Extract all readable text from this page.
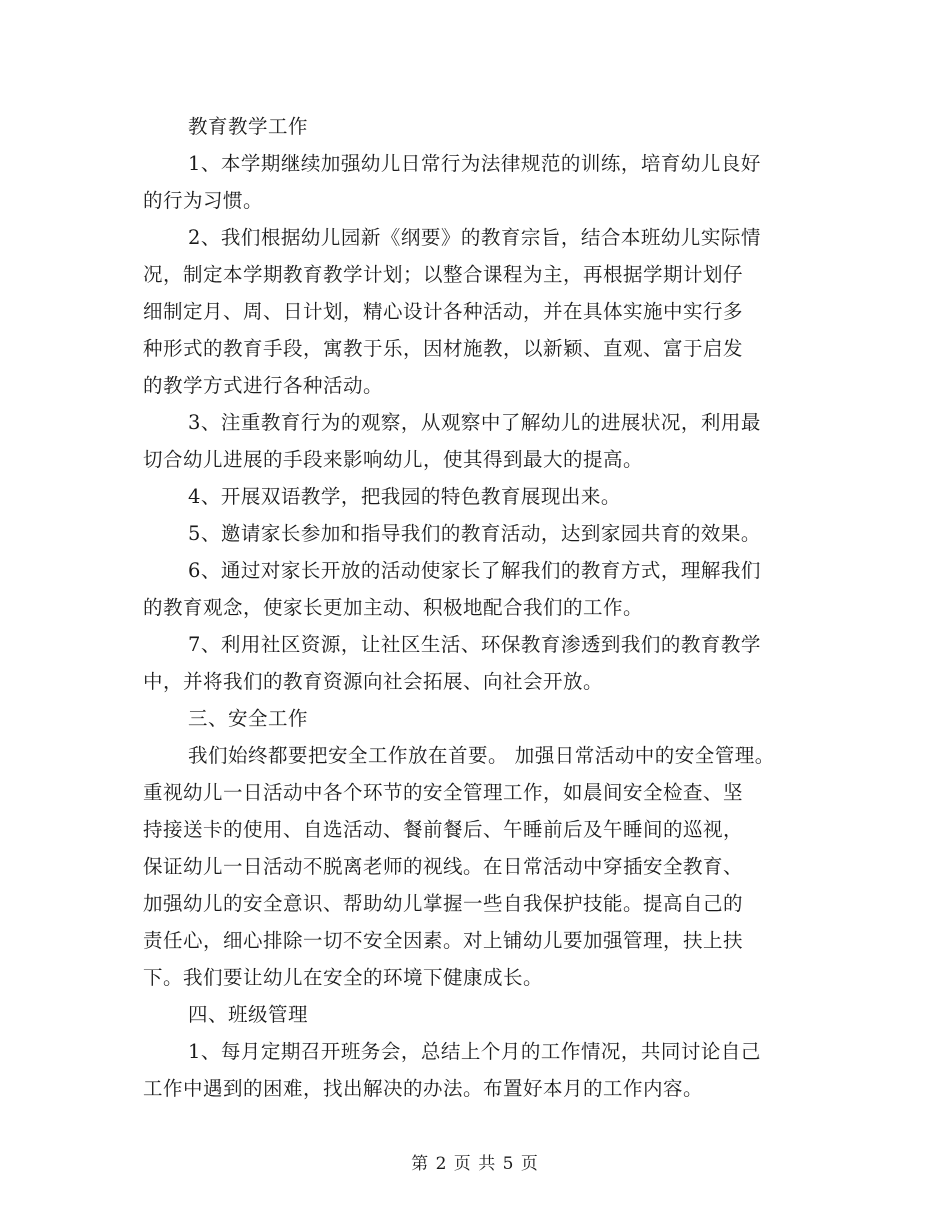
教育教学工作
1、本学期继续加强幼儿日常行为法律规范的训练，培育幼儿良好
的行为习惯。
2、我们根据幼儿园新《纲要》的教育宗旨，结合本班幼儿实际情
况，制定本学期教育教学计划；以整合课程为主，再根据学期计划仔
细制定月、周、日计划，精心设计各种活动，并在具体实施中实行多
种形式的教育手段，寓教于乐，因材施教，以新颖、直观、富于启发
的教学方式进行各种活动。
3、注重教育行为的观察，从观察中了解幼儿的进展状况，利用最
切合幼儿进展的手段来影响幼儿，使其得到最大的提高。
4、开展双语教学，把我园的特色教育展现出来。
5、邀请家长参加和指导我们的教育活动，达到家园共育的效果。
6、通过对家长开放的活动使家长了解我们的教育方式，理解我们
的教育观念，使家长更加主动、积极地配合我们的工作。
7、利用社区资源，让社区生活、环保教育渗透到我们的教育教学
中，并将我们的教育资源向社会拓展、向社会开放。
三、安全工作
我们始终都要把安全工作放在首要。 加强日常活动中的安全管理。
重视幼儿一日活动中各个环节的安全管理工作，如晨间安全检查、坚
持接送卡的使用、自选活动、餐前餐后、午睡前后及午睡间的巡视，
保证幼儿一日活动不脱离老师的视线。在日常活动中穿插安全教育、
加强幼儿的安全意识、帮助幼儿掌握一些自我保护技能。提高自己的
责任心，细心排除一切不安全因素。对上铺幼儿要加强管理，扶上扶
下。我们要让幼儿在安全的环境下健康成长。
四、班级管理
1、每月定期召开班务会，总结上个月的工作情况，共同讨论自己
工作中遇到的困难，找出解决的办法。布置好本月的工作内容。
第 2 页 共 5 页
